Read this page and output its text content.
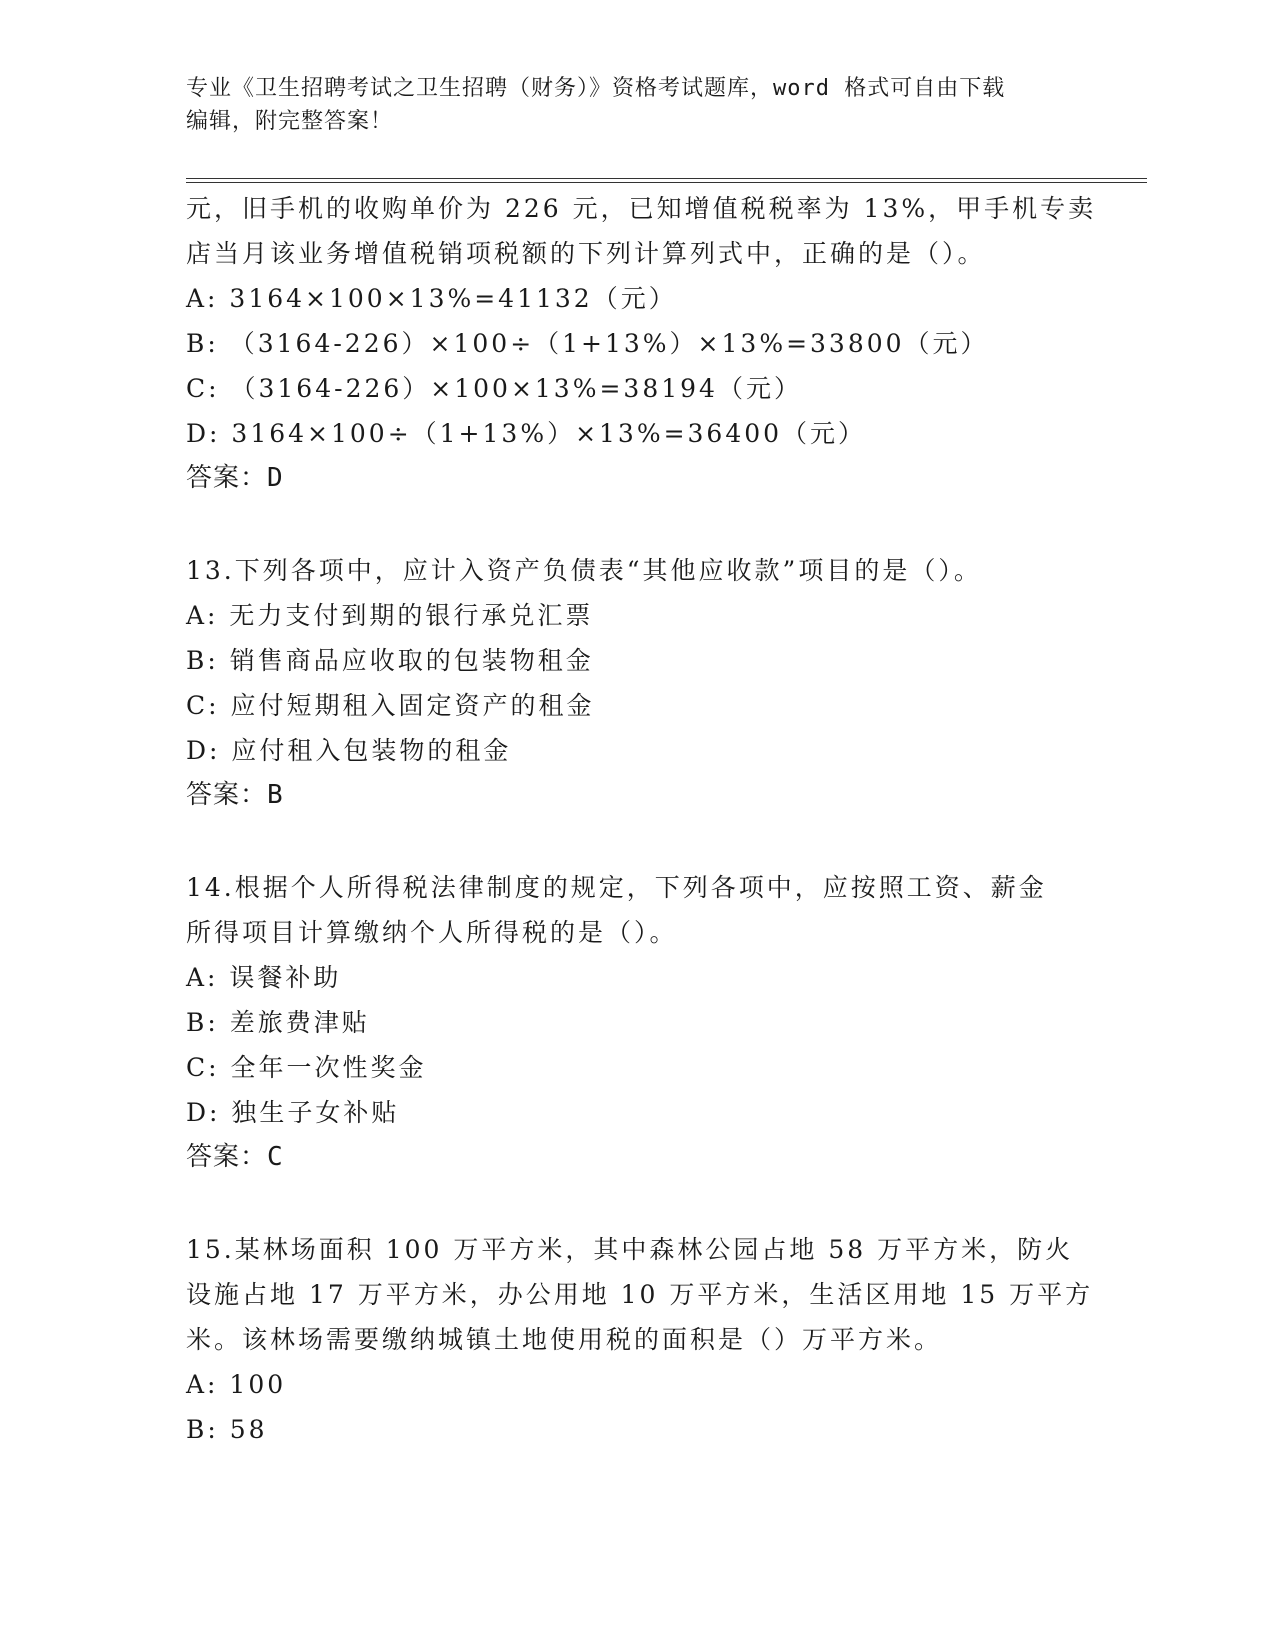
专业《卫生招聘考试之卫生招聘（财务）》资格考试题库，word 格式可自由下载
编辑，附完整答案！
元，旧手机的收购单价为 226 元，已知增值税税率为 13%，甲手机专卖
店当月该业务增值税销项税额的下列计算列式中，正确的是（）。
A: 3164×100×13%=41132（元）
B: （3164-226）×100÷（1+13%）×13%=33800（元）
C: （3164-226）×100×13%=38194（元）
D: 3164×100÷（1+13%）×13%=36400（元）
答案：D
13.下列各项中，应计入资产负债表“其他应收款”项目的是（）。
A: 无力支付到期的银行承兑汇票
B: 销售商品应收取的包装物租金
C: 应付短期租入固定资产的租金
D: 应付租入包装物的租金
答案：B
14.根据个人所得税法律制度的规定，下列各项中，应按照工资、薪金
所得项目计算缴纳个人所得税的是（）。
A: 误餐补助
B: 差旅费津贴
C: 全年一次性奖金
D: 独生子女补贴
答案：C
15.某林场面积 100 万平方米，其中森林公园占地 58 万平方米，防火
设施占地 17 万平方米，办公用地 10 万平方米，生活区用地 15 万平方
米。该林场需要缴纳城镇土地使用税的面积是（）万平方米。
A: 100
B: 58
